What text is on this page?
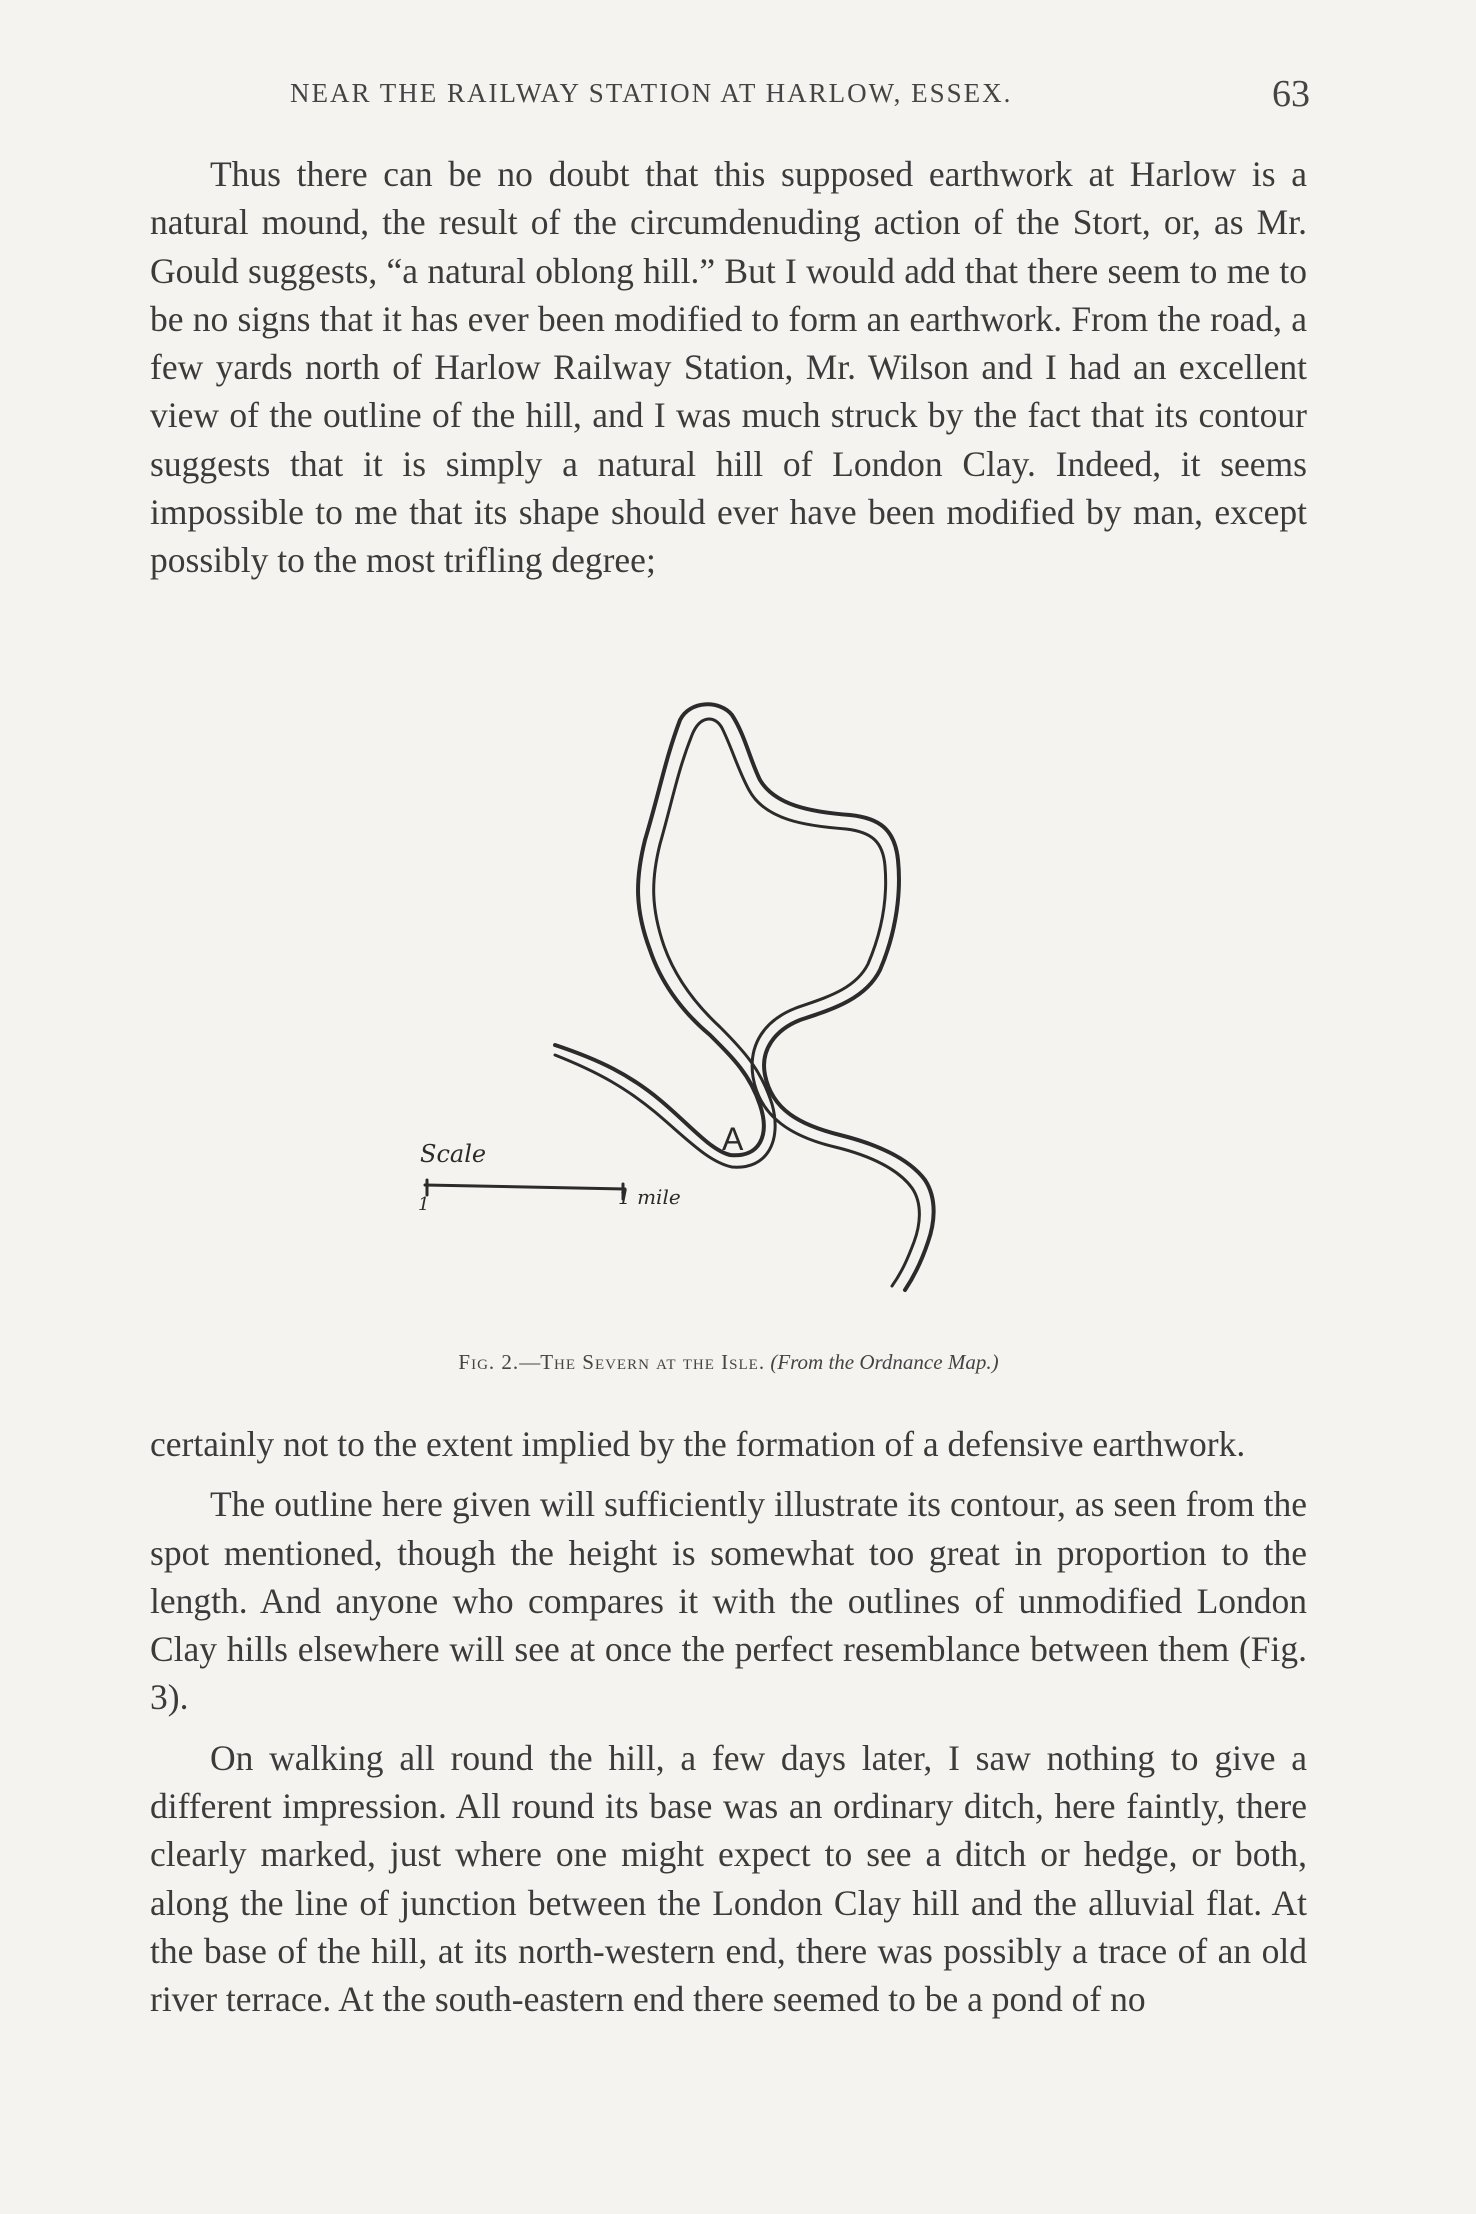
NEAR THE RAILWAY STATION AT HARLOW, ESSEX.	63

Thus there can be no doubt that this supposed earthwork at Harlow is a natural mound, the result of the circumdenuding action of the Stort, or, as Mr. Gould suggests, “a natural oblong hill.” But I would add that there seem to me to be no signs that it has ever been modified to form an earthwork. From the road, a few yards north of Harlow Railway Station, Mr. Wilson and I had an excellent view of the outline of the hill, and I was much struck by the fact that its contour suggests that it is simply a natural hill of London Clay. Indeed, it seems impossible to me that its shape should ever have been modified by man, except possibly to the most trifling degree;

A
Scale
1	1 mile
Fig. 2.—The Severn at the Isle. (From the Ordnance Map.)

certainly not to the extent implied by the formation of a defensive earthwork.

The outline here given will sufficiently illustrate its contour, as seen from the spot mentioned, though the height is somewhat too great in proportion to the length. And anyone who compares it with the outlines of unmodified London Clay hills elsewhere will see at once the perfect resemblance between them (Fig. 3).

On walking all round the hill, a few days later, I saw nothing to give a different impression. All round its base was an ordinary ditch, here faintly, there clearly marked, just where one might expect to see a ditch or hedge, or both, along the line of junction between the London Clay hill and the alluvial flat. At the base of the hill, at its north-western end, there was possibly a trace of an old river terrace. At the south-eastern end there seemed to be a pond of no
